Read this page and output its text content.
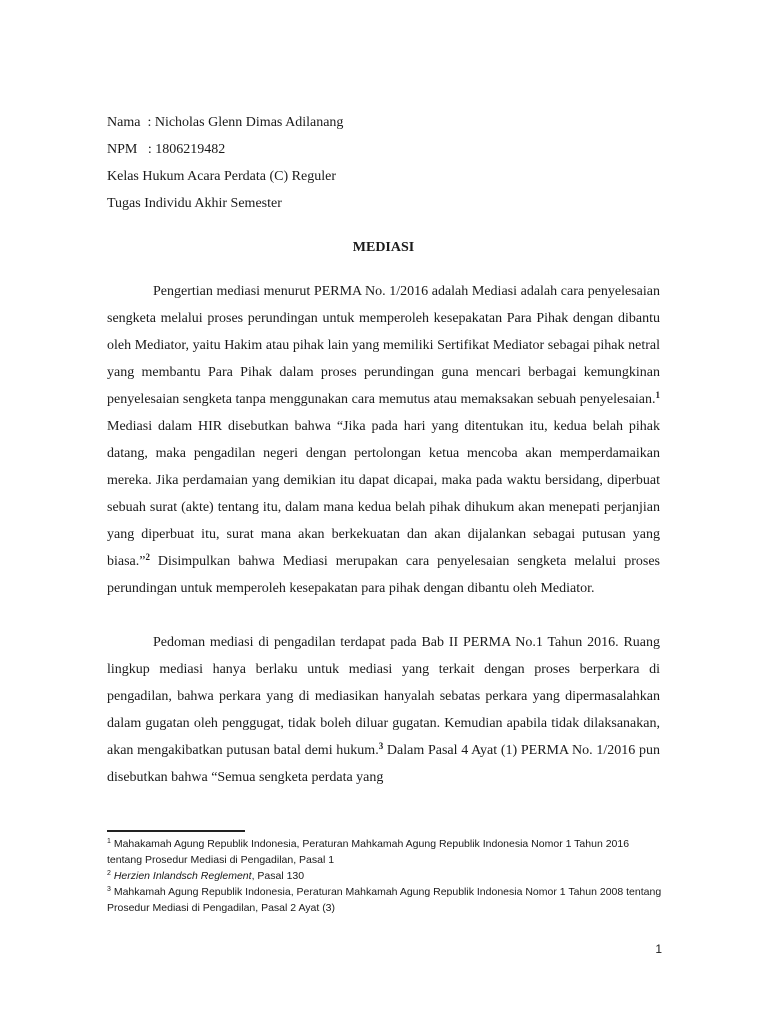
Nama  : Nicholas Glenn Dimas Adilanang
NPM   : 1806219482
Kelas Hukum Acara Perdata (C) Reguler
Tugas Individu Akhir Semester
MEDIASI

Pengertian mediasi menurut PERMA No. 1/2016 adalah Mediasi adalah cara penyelesaian sengketa melalui proses perundingan untuk memperoleh kesepakatan Para Pihak dengan dibantu oleh Mediator, yaitu Hakim atau pihak lain yang memiliki Sertifikat Mediator sebagai pihak netral yang membantu Para Pihak dalam proses perundingan guna mencari berbagai kemungkinan penyelesaian sengketa tanpa menggunakan cara memutus atau memaksakan sebuah penyelesaian.$^1$ Mediasi dalam HIR disebutkan bahwa “Jika pada hari yang ditentukan itu, kedua belah pihak datang, maka pengadilan negeri dengan pertolongan ketua mencoba akan memperdamaikan mereka. Jika perdamaian yang demikian itu dapat dicapai, maka pada waktu bersidang, diperbuat sebuah surat (akte) tentang itu, dalam mana kedua belah pihak dihukum akan menepati perjanjian yang diperbuat itu, surat mana akan berkekuatan dan akan dijalankan sebagai putusan yang biasa.”$^2$ Disimpulkan bahwa Mediasi merupakan cara penyelesaian sengketa melalui proses perundingan untuk memperoleh kesepakatan para pihak dengan dibantu oleh Mediator.

Pedoman mediasi di pengadilan terdapat pada Bab II PERMA No.1 Tahun 2016. Ruang lingkup mediasi hanya berlaku untuk mediasi yang terkait dengan proses berperkara di pengadilan, bahwa perkara yang di mediasikan hanyalah sebatas perkara yang dipermasalahkan dalam gugatan oleh penggugat, tidak boleh diluar gugatan. Kemudian apabila tidak dilaksanakan, akan mengakibatkan putusan batal demi hukum.$^3$ Dalam Pasal 4 Ayat (1) PERMA No. 1/2016 pun disebutkan bahwa “Semua sengketa perdata yang

$^1$ Mahakamah Agung Republik Indonesia, Peraturan Mahkamah Agung Republik Indonesia Nomor 1 Tahun 2016 tentang Prosedur Mediasi di Pengadilan, Pasal 1

$^2$ Herzien Inlandsch Reglement, Pasal 130

$^3$ Mahkamah Agung Republik Indonesia, Peraturan Mahkamah Agung Republik Indonesia Nomor 1 Tahun 2008 tentang Prosedur Mediasi di Pengadilan, Pasal 2 Ayat (3)

1
